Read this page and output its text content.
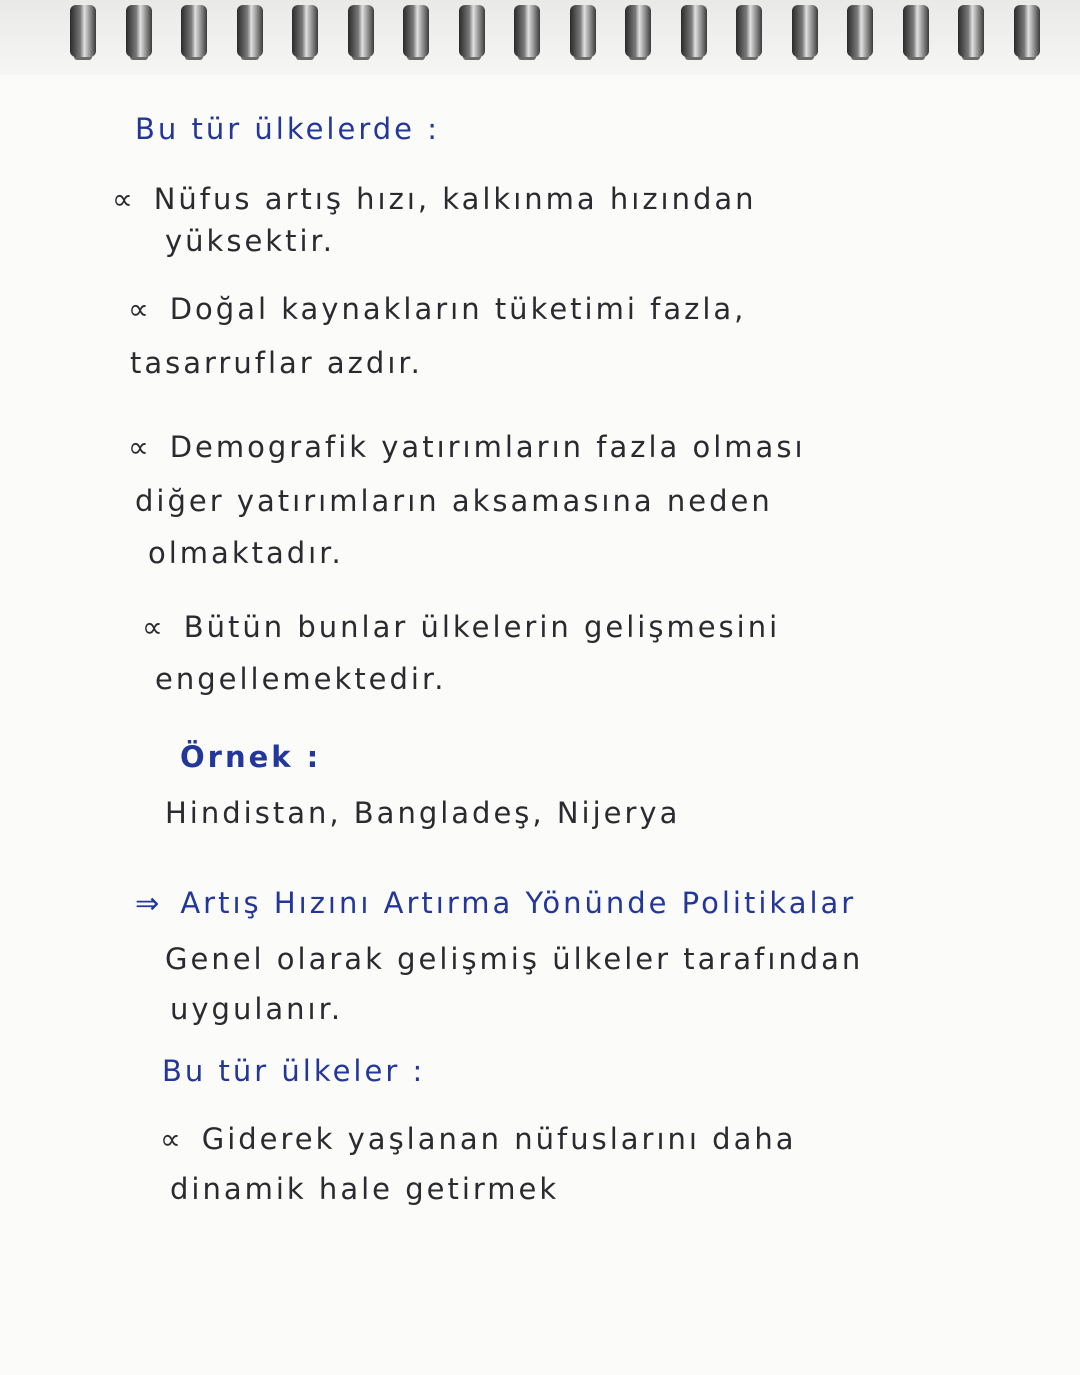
Bu tür ülkelerde :
∝ Nüfus artış hızı, kalkınma hızından
yüksektir.
∝ Doğal kaynakların tüketimi fazla,
tasarruflar azdır.
∝ Demografik yatırımların fazla olması
diğer yatırımların aksamasına neden
olmaktadır.
∝ Bütün bunlar ülkelerin gelişmesini
engellemektedir.
Örnek :
Hindistan, Bangladeş, Nijerya
⇒ Artış Hızını Artırma Yönünde Politikalar
Genel olarak gelişmiş ülkeler tarafından
uygulanır.
Bu tür ülkeler :
∝ Giderek yaşlanan nüfuslarını daha
dinamik hale getirmek
